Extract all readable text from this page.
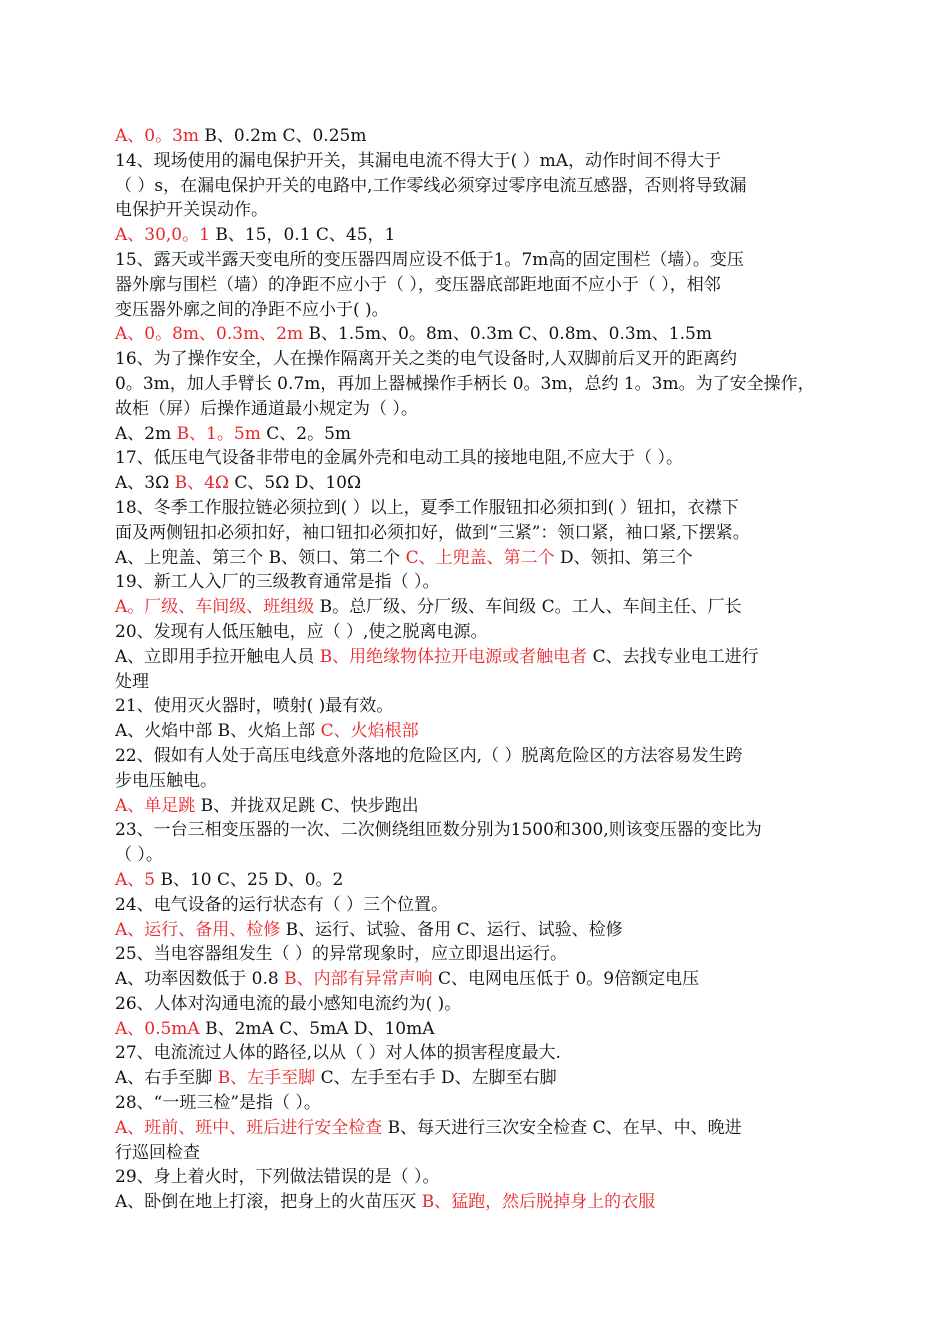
A、0。3m B、0.2m C、0.25m
14、现场使用的漏电保护开关，其漏电电流不得大于( ）mA，动作时间不得大于
（ ）s，在漏电保护开关的电路中,工作零线必须穿过零序电流互感器，否则将导致漏
电保护开关误动作。
A、30,0。1 B、15，0.1 C、45，1
15、露天或半露天变电所的变压器四周应设不低于1。7m高的固定围栏（墙）。变压
器外廓与围栏（墙）的净距不应小于（ ），变压器底部距地面不应小于（ ），相邻
变压器外廓之间的净距不应小于( )。
A、0。8m、0.3m、2m B、1.5m、0。8m、0.3m C、0.8m、0.3m、1.5m
16、为了操作安全，人在操作隔离开关之类的电气设备时,人双脚前后叉开的距离约
0。3m，加人手臂长 0.7m，再加上器械操作手柄长 0。3m，总约 1。3m。为了安全操作，
故柜（屏）后操作通道最小规定为（ ）。
A、2m B、1。5m C、2。5m
17、低压电气设备非带电的金属外壳和电动工具的接地电阻,不应大于（ ）。
A、3Ω B、4Ω C、5Ω D、10Ω
18、冬季工作服拉链必须拉到( ）以上，夏季工作服钮扣必须扣到( ）钮扣，衣襟下
面及两侧钮扣必须扣好，袖口钮扣必须扣好，做到“三紧”：领口紧，袖口紧,下摆紧。
A、上兜盖、第三个 B、领口、第二个 C、上兜盖、第二个 D、领扣、第三个
19、新工人入厂的三级教育通常是指（ ）。
A。厂级、车间级、班组级 B。总厂级、分厂级、车间级 C。工人、车间主任、厂长
20、发现有人低压触电，应（ ）,使之脱离电源。
A、立即用手拉开触电人员 B、用绝缘物体拉开电源或者触电者 C、去找专业电工进行
处理
21、使用灭火器时，喷射( )最有效。
A、火焰中部 B、火焰上部 C、火焰根部
22、假如有人处于高压电线意外落地的危险区内,（ ）脱离危险区的方法容易发生跨
步电压触电。
A、单足跳 B、并拢双足跳 C、快步跑出
23、一台三相变压器的一次、二次侧绕组匝数分别为1500和300,则该变压器的变比为
（ ）。
A、5 B、10 C、25 D、0。2
24、电气设备的运行状态有（ ）三个位置。
A、运行、备用、检修 B、运行、试验、备用 C、运行、试验、检修
25、当电容器组发生（ ）的异常现象时，应立即退出运行。
A、功率因数低于 0.8 B、内部有异常声响 C、电网电压低于 0。9倍额定电压
26、人体对沟通电流的最小感知电流约为( )。
A、0.5mA B、2mA C、5mA D、10mA
27、电流流过人体的路径,以从（ ）对人体的损害程度最大.
A、右手至脚 B、左手至脚 C、左手至右手 D、左脚至右脚
28、“一班三检”是指（ ）。
A、班前、班中、班后进行安全检查 B、每天进行三次安全检查 C、在早、中、晚进
行巡回检查
29、身上着火时，下列做法错误的是（ ）。
A、卧倒在地上打滚，把身上的火苗压灭 B、猛跑，然后脱掉身上的衣服
